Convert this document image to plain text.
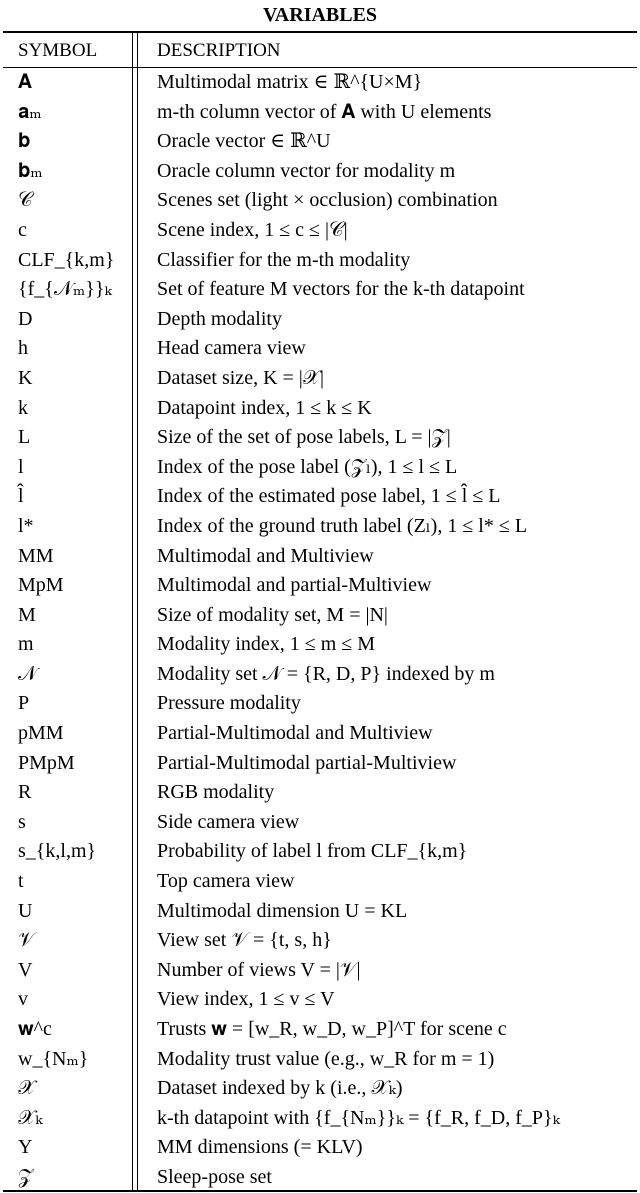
VARIABLES
SYMBOL	DESCRIPTION
𝐀	Multimodal matrix ∈ ℝ^{U×M}
𝐚ₘ	m-th column vector of 𝐀 with U elements
𝐛	Oracle vector ∈ ℝ^U
𝐛ₘ	Oracle column vector for modality m
𝒞	Scenes set (light × occlusion) combination
c	Scene index, 1 ≤ c ≤ |𝒞|
CLF_{k,m} Classifier for the m-th modality
{f_{𝒩ₘ}}ₖ Set of feature M vectors for the k-th datapoint
D	Depth modality
h	Head camera view
K	Dataset size, K = |𝒳|
k	Datapoint index, 1 ≤ k ≤ K
L	Size of the set of pose labels, L = |𝒵|
l	Index of the pose label (𝒵ₗ), 1 ≤ l ≤ L
l̂	Index of the estimated pose label, 1 ≤ l̂ ≤ L
l*	Index of the ground truth label (Zₗ), 1 ≤ l* ≤ L
MM	Multimodal and Multiview
MpM	Multimodal and partial-Multiview
M	Size of modality set, M = |N|
m	Modality index, 1 ≤ m ≤ M
𝒩	Modality set 𝒩 = {R, D, P} indexed by m
P	Pressure modality
pMM	Partial-Multimodal and Multiview
PMpM	Partial-Multimodal partial-Multiview
R	RGB modality
s	Side camera view
s_{k,l,m}	Probability of label l from CLF_{k,m}
t	Top camera view
U	Multimodal dimension U = KL
𝒱	View set 𝒱 = {t, s, h}
V	Number of views V = |𝒱|
v	View index, 1 ≤ v ≤ V
𝐰^c	Trusts 𝐰 = [w_R, w_D, w_P]^T for scene c
w_{Nₘ}	Modality trust value (e.g., w_R for m = 1)
𝒳	Dataset indexed by k (i.e., 𝒳ₖ)
𝒳ₖ	k-th datapoint with {f_{Nₘ}}ₖ = {f_R, f_D, f_P}ₖ
Y	MM dimensions (= KLV)
𝒵	Sleep-pose set
